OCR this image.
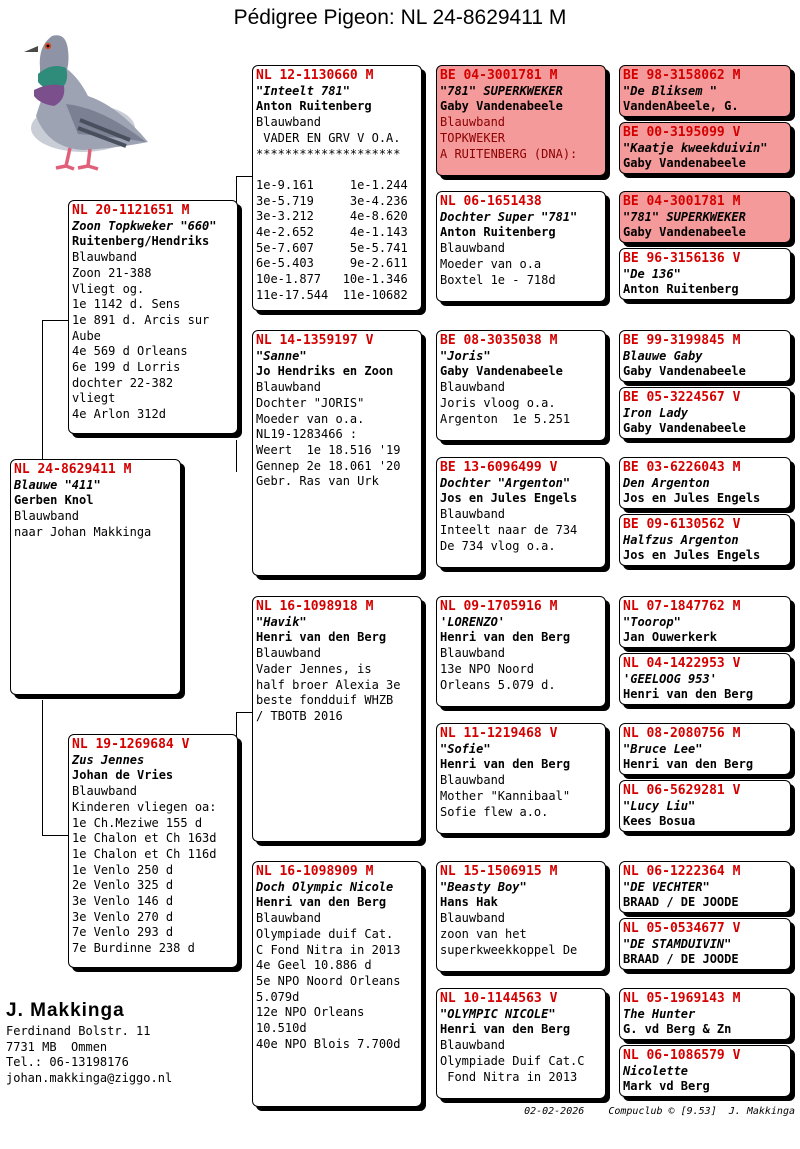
Pédigree Pigeon: NL 24-8629411 M
NL 24-8629411 M
Blauwe "411"
Gerben Knol
Blauwband
naar Johan Makkinga
NL 20-1121651 M
Zoon Topkweker "660"
Ruitenberg/Hendriks
Blauwband
Zoon 21-388
Vliegt og.
1e 1142 d. Sens
1e 891 d. Arcis sur
Aube
4e 569 d Orleans
6e 199 d Lorris
dochter 22-382
vliegt
4e Arlon 312d
NL 19-1269684 V
Zus Jennes
Johan de Vries
Blauwband
Kinderen vliegen oa:
1e Ch.Meziwe 155 d
1e Chalon et Ch 163d
1e Chalon et Ch 116d
1e Venlo 250 d
2e Venlo 325 d
3e Venlo 146 d
3e Venlo 270 d
7e Venlo 293 d
7e Burdinne 238 d
NL 12-1130660 M
"Inteelt 781"
Anton Ruitenberg
Blauwband
VADER EN GRV V O.A.
********************

1e-9.161     1e-1.244
3e-5.719     3e-4.236
3e-3.212     4e-8.620
4e-2.652     4e-1.143
5e-7.607     5e-5.741
6e-5.403     9e-2.611
10e-1.877   10e-1.346
11e-17.544  11e-10682
NL 14-1359197 V
"Sanne"
Jo Hendriks en Zoon
Blauwband
Dochter "JORIS"
Moeder van o.a.
NL19-1283466 :
Weert  1e 18.516 '19
Gennep 2e 18.061 '20
Gebr. Ras van Urk
NL 16-1098918 M
"Havik"
Henri van den Berg
Blauwband
Vader Jennes, is
half broer Alexia 3e
beste fondduif WHZB
/ TBOTB 2016
NL 16-1098909 M
Doch Olympic Nicole
Henri van den Berg
Blauwband
Olympiade duif Cat.
C Fond Nitra in 2013
4e Geel 10.886 d
5e NPO Noord Orleans
5.079d
12e NPO Orleans
10.510d
40e NPO Blois 7.700d
BE 04-3001781 M
"781" SUPERKWEKER
Gaby Vandenabeele
Blauwband
TOPKWEKER
A RUITENBERG (DNA):
NL 06-1651438
Dochter Super "781"
Anton Ruitenberg
Blauwband
Moeder van o.a
Boxtel 1e - 718d
BE 08-3035038 M
"Joris"
Gaby Vandenabeele
Blauwband
Joris vloog o.a.
Argenton  1e 5.251
BE 13-6096499 V
Dochter "Argenton"
Jos en Jules Engels
Blauwband
Inteelt naar de 734
De 734 vlog o.a.
NL 09-1705916 M
'LORENZO'
Henri van den Berg
Blauwband
13e NPO Noord
Orleans 5.079 d.
NL 11-1219468 V
"Sofie"
Henri van den Berg
Blauwband
Mother "Kannibaal"
Sofie flew a.o.
NL 15-1506915 M
"Beasty Boy"
Hans Hak
Blauwband
zoon van het
superkweekkoppel De
NL 10-1144563 V
"OLYMPIC NICOLE"
Henri van den Berg
Blauwband
Olympiade Duif Cat.C
Fond Nitra in 2013
BE 98-3158062 M
"De Bliksem "
VandenAbeele, G.
BE 00-3195099 V
"Kaatje kweekduivin"
Gaby Vandenabeele
BE 04-3001781 M
"781" SUPERKWEKER
Gaby Vandenabeele
BE 96-3156136 V
"De 136"
Anton Ruitenberg
BE 99-3199845 M
Blauwe Gaby
Gaby Vandenabeele
BE 05-3224567 V
Iron Lady
Gaby Vandenabeele
BE 03-6226043 M
Den Argenton
Jos en Jules Engels
BE 09-6130562 V
Halfzus Argenton
Jos en Jules Engels
NL 07-1847762 M
"Toorop"
Jan Ouwerkerk
NL 04-1422953 V
'GEELOOG 953'
Henri van den Berg
NL 08-2080756 M
"Bruce Lee"
Henri van den Berg
NL 06-5629281 V
"Lucy Liu"
Kees Bosua
NL 06-1222364 M
"DE VECHTER"
BRAAD / DE JOODE
NL 05-0534677 V
"DE STAMDUIVIN"
BRAAD / DE JOODE
NL 05-1969143 M
The Hunter
G. vd Berg & Zn
NL 06-1086579 V
Nicolette
Mark vd Berg
J. Makkinga
Ferdinand Bolstr. 11
7731 MB  Ommen
Tel.: 06-13198176
johan.makkinga@ziggo.nl
02-02-2026    Compuclub © [9.53]  J. Makkinga
